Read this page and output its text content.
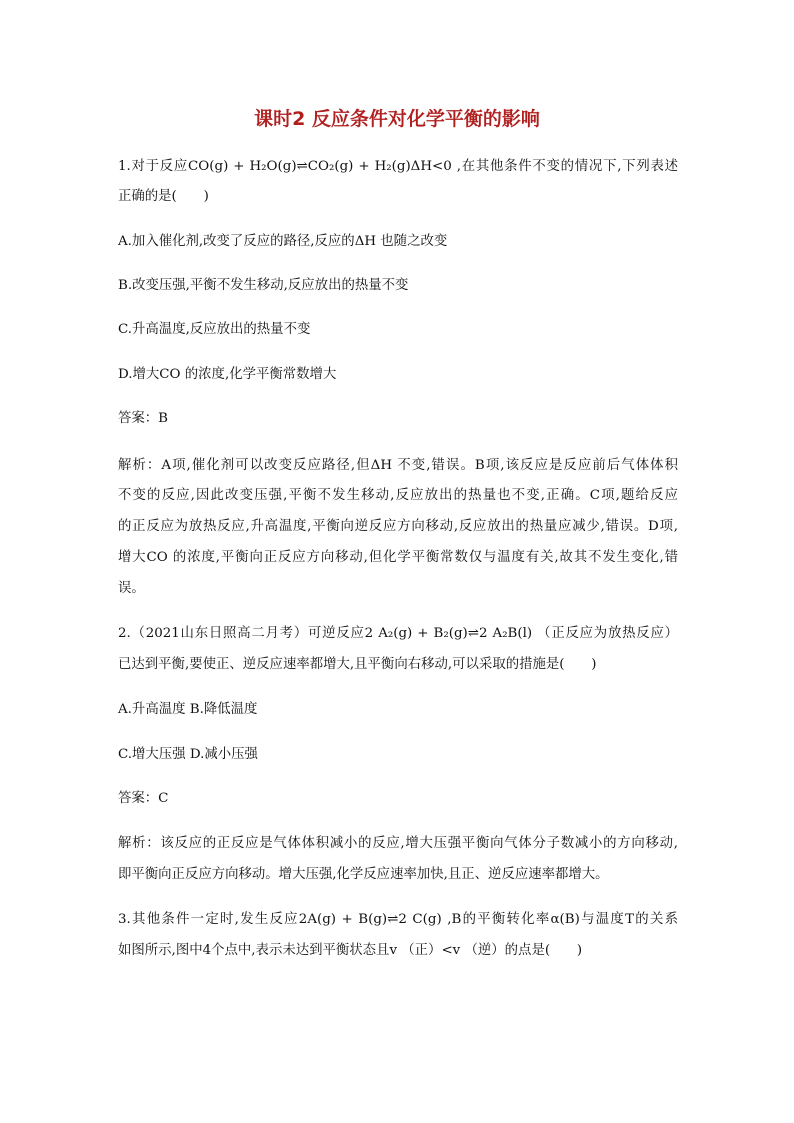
课时2 反应条件对化学平衡的影响
1.对于反应CO(g) + H₂O(g)⇌CO₂(g) + H₂(g)ΔH<0 ,在其他条件不变的情况下,下列表述
正确的是(　　)
A.加入催化剂,改变了反应的路径,反应的ΔH 也随之改变
B.改变压强,平衡不发生移动,反应放出的热量不变
C.升高温度,反应放出的热量不变
D.增大CO 的浓度,化学平衡常数增大
答案：B
解析：A项,催化剂可以改变反应路径,但ΔH 不变,错误。B项,该反应是反应前后气体体积
不变的反应,因此改变压强,平衡不发生移动,反应放出的热量也不变,正确。C项,题给反应
的正反应为放热反应,升高温度,平衡向逆反应方向移动,反应放出的热量应减少,错误。D项,
增大CO 的浓度,平衡向正反应方向移动,但化学平衡常数仅与温度有关,故其不发生变化,错
误。
2.（2021山东日照高二月考）可逆反应2 A₂(g) + B₂(g)⇌2 A₂B(l) （正反应为放热反应）
已达到平衡,要使正、逆反应速率都增大,且平衡向右移动,可以采取的措施是(　　)
A.升高温度 B.降低温度
C.增大压强 D.减小压强
答案：C
解析：该反应的正反应是气体体积减小的反应,增大压强平衡向气体分子数减小的方向移动,
即平衡向正反应方向移动。增大压强,化学反应速率加快,且正、逆反应速率都增大。
3.其他条件一定时,发生反应2A(g) + B(g)⇌2 C(g) ,B的平衡转化率α(B)与温度T的关系
如图所示,图中4个点中,表示未达到平衡状态且v （正）<v （逆）的点是(　　)
